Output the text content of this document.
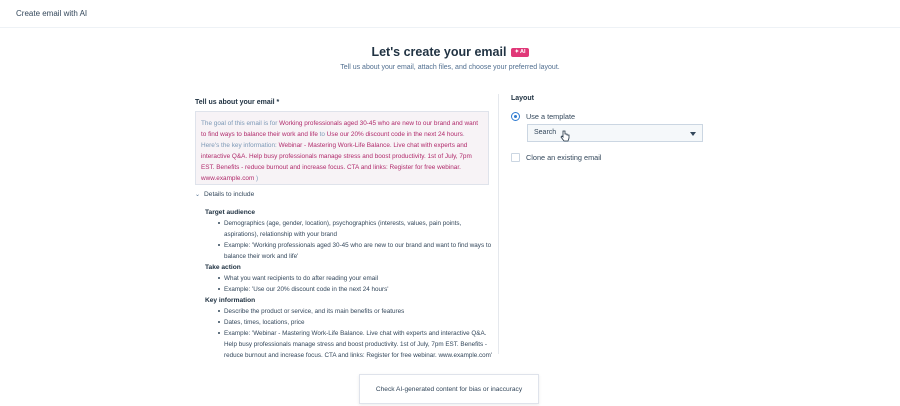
Create email with AI
Let's create your email ✦ AI
Tell us about your email, attach files, and choose your preferred layout.
Tell us about your email *
The goal of this email is for Working professionals aged 30-45 who are new to our brand and want to find ways to balance their work and life to Use our 20% discount code in the next 24 hours. Here's the key information: Webinar - Mastering Work-Life Balance. Live chat with experts and interactive Q&A. Help busy professionals manage stress and boost productivity. 1st of July, 7pm EST. Benefits - reduce burnout and increase focus. CTA and links: Register for free webinar. www.example.com )
⌄ Details to include
Target audience
Demographics (age, gender, location), psychographics (interests, values, pain points, aspirations), relationship with your brand
Example: 'Working professionals aged 30-45 who are new to our brand and want to find ways to balance their work and life'
Take action
What you want recipients to do after reading your email
Example: 'Use our 20% discount code in the next 24 hours'
Key information
Describe the product or service, and its main benefits or features
Dates, times, locations, price
Example: 'Webinar - Mastering Work-Life Balance. Live chat with experts and interactive Q&A. Help busy professionals manage stress and boost productivity. 1st of July, 7pm EST. Benefits - reduce burnout and increase focus. CTA and links: Register for free webinar. www.example.com'
Layout
Use a template
Search
Clone an existing email
Check AI-generated content for bias or inaccuracy
